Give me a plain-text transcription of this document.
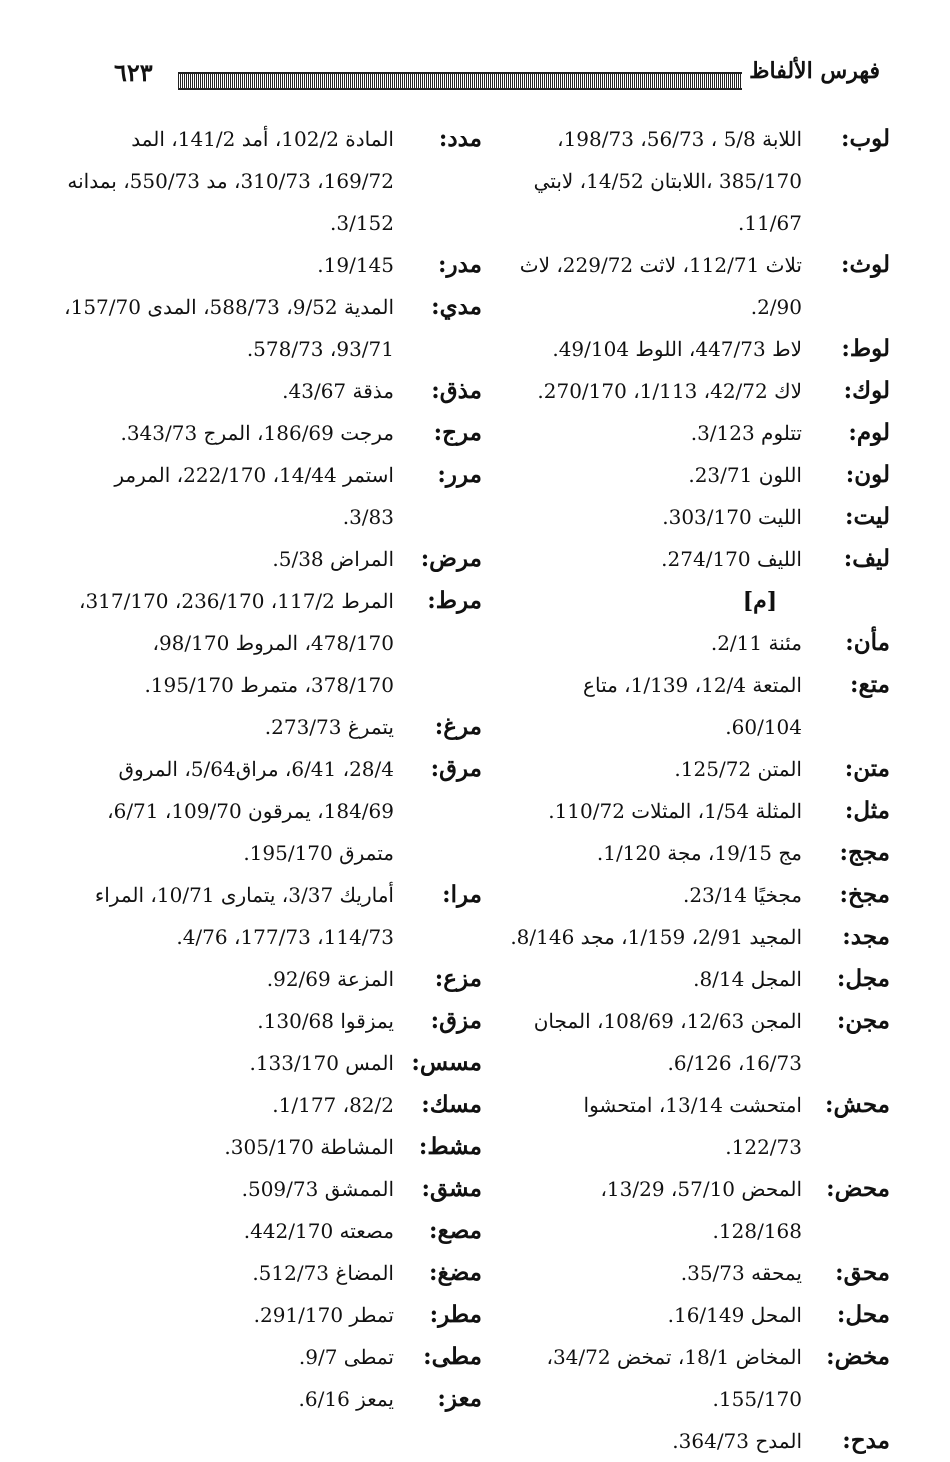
فهرس الألفاظ
٦٢٣
لوب:
اللابة 5/8 ، 56/73، 198/73، 385/170 ،اللابتان 14/52، لابتي 11/67.
لوث:
تلاث 112/71، لاثت 229/72، لاث 2/90.
لوط:
لاط 447/73، اللوط 49/104.
لوك:
لاك 42/72، 1/113، 270/170.
لوم:
تتلوم 3/123.
لون:
اللون 23/71.
ليت:
الليت 303/170.
ليف:
الليف 274/170.
[م]
مأن:
مئنة 2/11.
متع:
المتعة 12/4، 1/139، متاع 60/104.
متن:
المتن 125/72.
مثل:
المثلة 1/54، المثلات 110/72.
مجج:
مج 19/15، مجة 1/120.
مجخ:
مجخيًا 23/14.
مجد:
المجيد 2/91، 1/159، مجد 8/146.
مجل:
المجل 8/14.
مجن:
المجن 12/63، 108/69، المجان 16/73، 6/126.
محش:
امتحشت 13/14، امتحشوا 122/73.
محض:
المحض 57/10، 13/29، 128/168.
محق:
يمحقه 35/73.
محل:
المحل 16/149.
مخض:
المخاض 18/1، تمخض 34/72، 155/170.
مدح:
المدح 364/73.
مدد:
المادة 102/2، أمد 141/2، المد 169/72، 310/73، مد 550/73، بمدانه 3/152.
مدر:
19/145.
مدي:
المدية 9/52، 588/73، المدى 157/70، 93/71، 578/73.
مذق:
مذقة 43/67.
مرج:
مرجت 186/69، المرج 343/73.
مرر:
استمر 14/44، 222/170، المرمر 3/83.
مرض:
المراض 5/38.
مرط:
المرط 117/2، 236/170، 317/170، 478/170، المروط 98/170، 378/170، متمرط 195/170.
مرغ:
يتمرغ 273/73.
مرق:
28/4، 6/41، مراق5/64، المروق 184/69، يمرقون 109/70، 6/71، متمرق 195/170.
مرا:
أماريك 3/37، يتمارى 10/71، المراء 114/73، 177/73، 4/76.
مزع:
المزعة 92/69.
مزق:
يمزقوا 130/68.
مسس:
المس 133/170.
مسك:
82/2، 1/177.
مشط:
المشاطة 305/170.
مشق:
الممشق 509/73.
مصع:
مصعته 442/170.
مضغ:
المضاغ 512/73.
مطر:
تمطر 291/170.
مطى:
تمطى 9/7.
معز:
يمعز 6/16.
